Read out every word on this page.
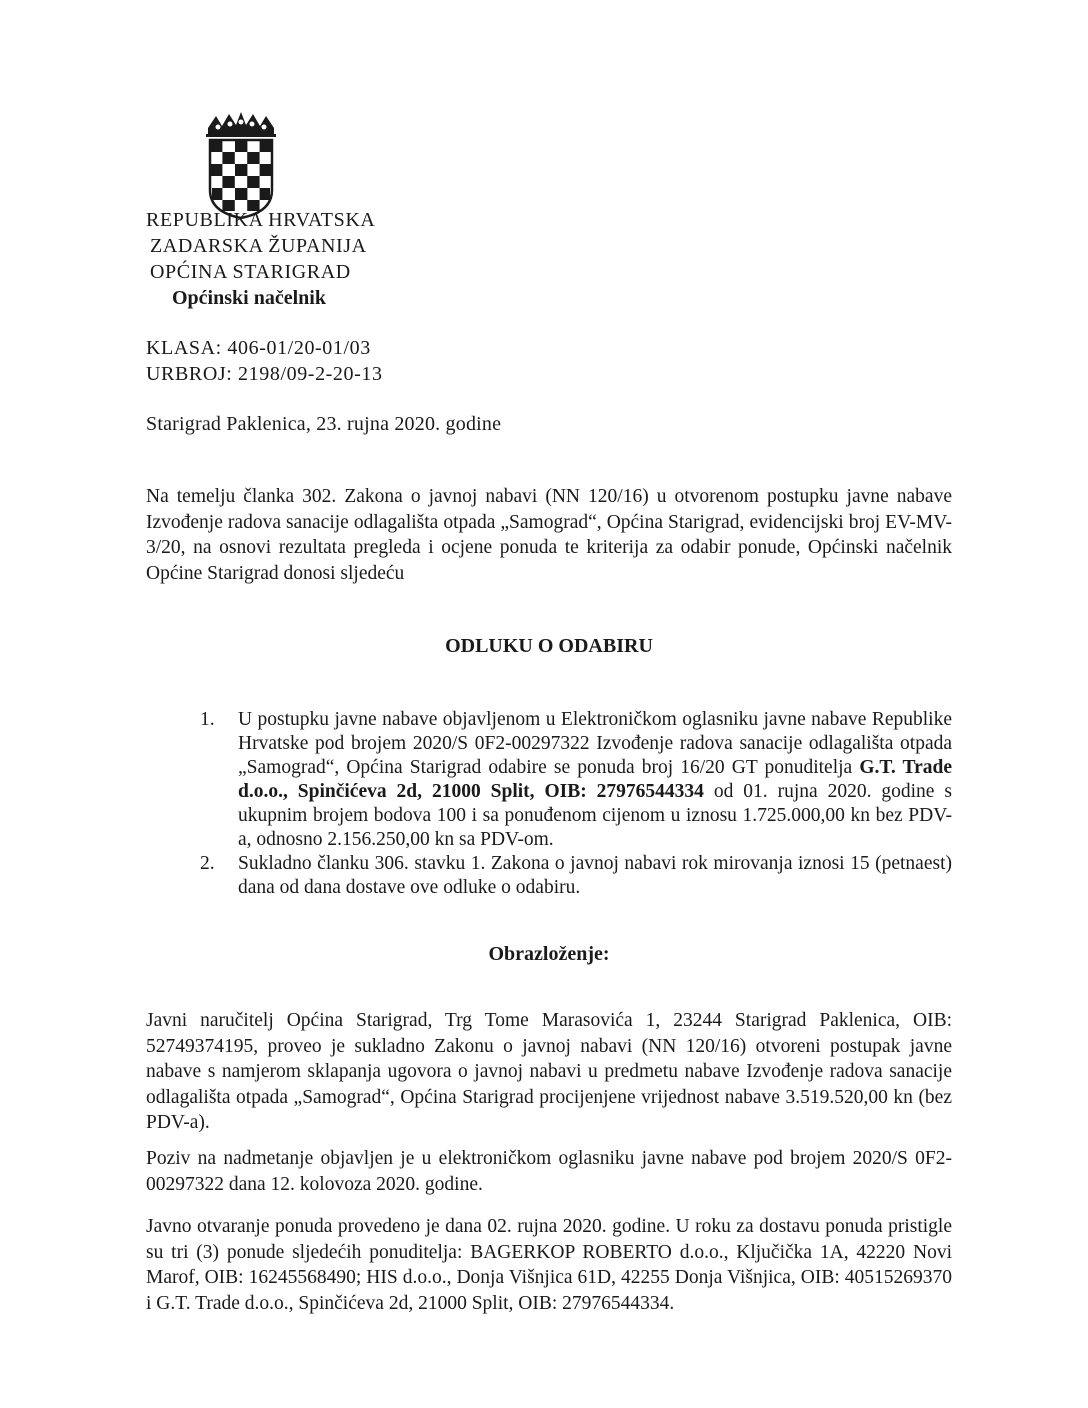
REPUBLIKA HRVATSKA
ZADARSKA ŽUPANIJA
OPĆINA STARIGRAD
Općinski načelnik
KLASA: 406-01/20-01/03
URBROJ: 2198/09-2-20-13
Starigrad Paklenica, 23. rujna 2020. godine
Na temelju članka 302. Zakona o javnoj nabavi (NN 120/16) u otvorenom postupku javne nabave Izvođenje radova sanacije odlagališta otpada „Samograd“, Općina Starigrad, evidencijski broj EV-MV-3/20, na osnovi rezultata pregleda i ocjene ponuda te kriterija za odabir ponude, Općinski načelnik Općine Starigrad donosi sljedeću
ODLUKU O ODABIRU
1. U postupku javne nabave objavljenom u Elektroničkom oglasniku javne nabave Republike Hrvatske pod brojem 2020/S 0F2-00297322 Izvođenje radova sanacije odlagališta otpada „Samograd“, Općina Starigrad odabire se ponuda broj 16/20 GT ponuditelja G.T. Trade d.o.o., Spinčićeva 2d, 21000 Split, OIB: 27976544334 od 01. rujna 2020. godine s ukupnim brojem bodova 100 i sa ponuđenom cijenom u iznosu 1.725.000,00 kn bez PDV-a, odnosno 2.156.250,00 kn sa PDV-om.
2. Sukladno članku 306. stavku 1. Zakona o javnoj nabavi rok mirovanja iznosi 15 (petnaest) dana od dana dostave ove odluke o odabiru.
Obrazloženje:
Javni naručitelj Općina Starigrad, Trg Tome Marasovića 1, 23244 Starigrad Paklenica, OIB: 52749374195, proveo je sukladno Zakonu o javnoj nabavi (NN 120/16) otvoreni postupak javne nabave s namjerom sklapanja ugovora o javnoj nabavi u predmetu nabave Izvođenje radova sanacije odlagališta otpada „Samograd“, Općina Starigrad procijenjene vrijednost nabave 3.519.520,00 kn (bez PDV-a).
Poziv na nadmetanje objavljen je u elektroničkom oglasniku javne nabave pod brojem 2020/S 0F2-00297322 dana 12. kolovoza 2020. godine.
Javno otvaranje ponuda provedeno je dana 02. rujna 2020. godine. U roku za dostavu ponuda pristigle su tri (3) ponude sljedećih ponuditelja: BAGERKOP ROBERTO d.o.o., Ključička 1A, 42220 Novi Marof, OIB: 16245568490; HIS d.o.o., Donja Višnjica 61D, 42255 Donja Višnjica, OIB: 40515269370 i G.T. Trade d.o.o., Spinčićeva 2d, 21000 Split, OIB: 27976544334.
